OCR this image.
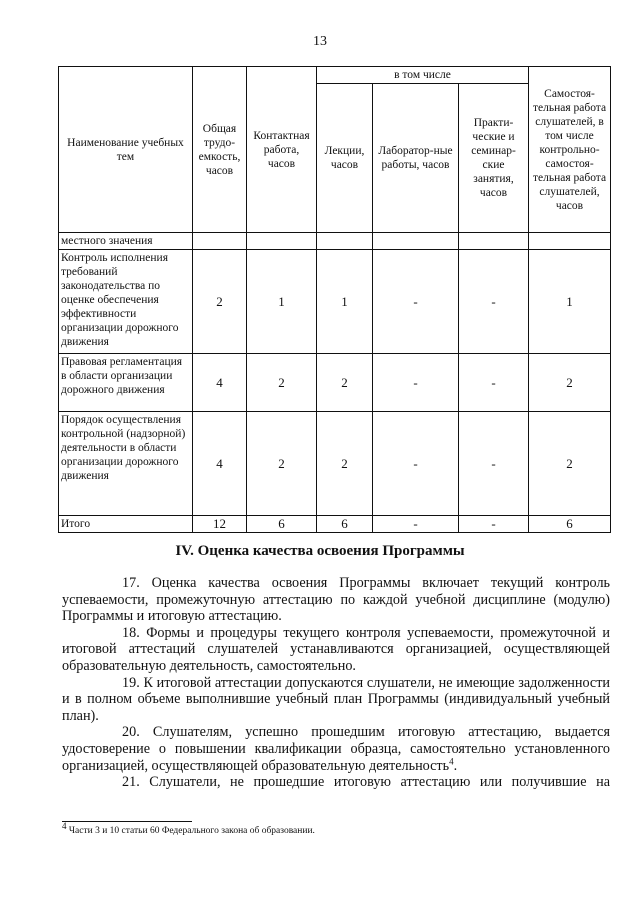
13
Наименование учебных тем	Общая трудо-емкость, часов	Контактная работа, часов	в том числе			Самостоя-тельная работа слушателей, в том числе контрольно-самостоя-тельная работа слушателей, часов
			Лекции, часов	Лаборатор-ные работы, часов	Практи-ческие и семинар-ские занятия, часов	
местного значения						
Контроль исполнения требований законодательства по оценке обеспечения эффективности организации дорожного движения	2	1	1	-	-	1
Правовая регламентация в области организации дорожного движения	4	2	2	-	-	2
Порядок осуществления контрольной (надзорной) деятельности в области организации дорожного движения	4	2	2	-	-	2
Итого	12	6	6	-	-	6
IV. Оценка качества освоения Программы

17. Оценка качества освоения Программы включает текущий контроль успеваемости, промежуточную аттестацию по каждой учебной дисциплине (модулю) Программы и итоговую аттестацию.

18. Формы и процедуры текущего контроля успеваемости, промежуточной и итоговой аттестаций слушателей устанавливаются организацией, осуществляющей образовательную деятельность, самостоятельно.

19. К итоговой аттестации допускаются слушатели, не имеющие задолженности и в полном объеме выполнившие учебный план Программы (индивидуальный учебный план).

20. Слушателям, успешно прошедшим итоговую аттестацию, выдается удостоверение о повышении квалификации образца, самостоятельно установленного организацией, осуществляющей образовательную деятельность$^4$.

21. Слушатели, не прошедшие итоговую аттестацию или получившие на

$^4$ Части 3 и 10 статьи 60 Федерального закона об образовании.
